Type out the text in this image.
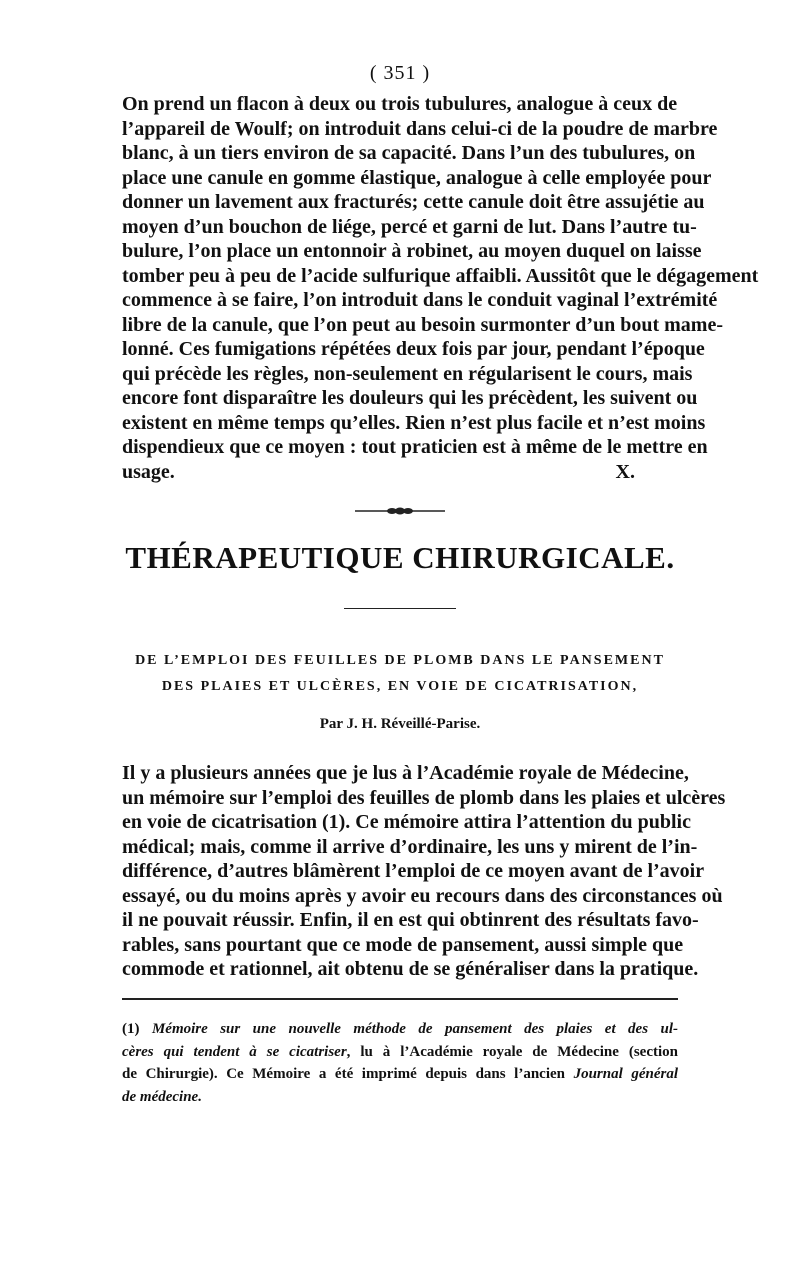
( 351 )
On prend un flacon à deux ou trois tubulures, analogue à ceux de
l’appareil de Woulf; on introduit dans celui-ci de la poudre de marbre
blanc, à un tiers environ de sa capacité. Dans l’un des tubulures, on
place une canule en gomme élastique, analogue à celle employée pour
donner un lavement aux fracturés; cette canule doit être assujétie au
moyen d’un bouchon de liége, percé et garni de lut. Dans l’autre tu-
bulure, l’on place un entonnoir à robinet, au moyen duquel on laisse
tomber peu à peu de l’acide sulfurique affaibli. Aussitôt que le dégagement
commence à se faire, l’on introduit dans le conduit vaginal l’extrémité
libre de la canule, que l’on peut au besoin surmonter d’un bout mame-
lonné. Ces fumigations répétées deux fois par jour, pendant l’époque
qui précède les règles, non-seulement en régularisent le cours, mais
encore font disparaître les douleurs qui les précèdent, les suivent ou
existent en même temps qu’elles. Rien n’est plus facile et n’est moins
dispendieux que ce moyen : tout praticien est à même de le mettre en
usage.	X.
THÉRAPEUTIQUE CHIRURGICALE.
DE L’EMPLOI DES FEUILLES DE PLOMB DANS LE PANSEMENT
DES PLAIES ET ULCÈRES, EN VOIE DE CICATRISATION,
Par J. H. Réveillé-Parise.
Il y a plusieurs années que je lus à l’Académie royale de Médecine,
un mémoire sur l’emploi des feuilles de plomb dans les plaies et ulcères
en voie de cicatrisation (1). Ce mémoire attira l’attention du public
médical; mais, comme il arrive d’ordinaire, les uns y mirent de l’in-
différence, d’autres blâmèrent l’emploi de ce moyen avant de l’avoir
essayé, ou du moins après y avoir eu recours dans des circonstances où
il ne pouvait réussir. Enfin, il en est qui obtinrent des résultats favo-
rables, sans pourtant que ce mode de pansement, aussi simple que
commode et rationnel, ait obtenu de se généraliser dans la pratique.
(1) Mémoire sur une nouvelle méthode de pansement des plaies et des ul-
cères qui tendent à se cicatriser, lu à l’Académie royale de Médecine (section
de Chirurgie). Ce Mémoire a été imprimé depuis dans l’ancien Journal général
de médecine.
